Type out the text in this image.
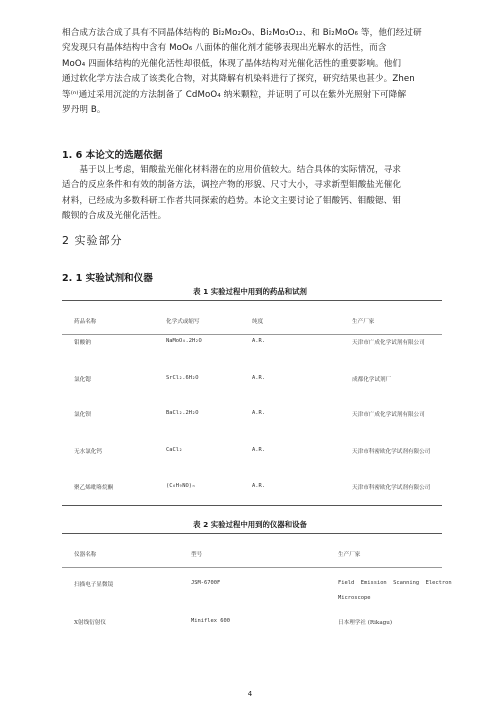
相合成方法合成了具有不同晶体结构的 Bi₂Mo₂O₉、Bi₂Mo₃O₁₂、和 Bi₂MoO₆ 等，他们经过研
究发现只有晶体结构中含有 MoO₆ 八面体的催化剂才能够表现出光解水的活性，而含
MoO₄ 四面体结构的光催化活性却很低，体现了晶体结构对光催化活性的重要影响。他们
通过软化学方法合成了该类化合物，对其降解有机染料进行了探究，研究结果也甚少。Zhen
等⁽ⁿ⁾通过采用沉淀的方法制备了 CdMoO₄ 纳米颗粒，并证明了可以在紫外光照射下可降解
罗丹明 B。
1. 6 本论文的选题依据
　　基于以上考虑，钼酸盐光催化材料潜在的应用价值较大。结合具体的实际情况，寻求
适合的反应条件和有效的制备方法，调控产物的形貌、尺寸大小，寻求新型钼酸盐光催化
材料，已经成为多数科研工作者共同探索的趋势。本论文主要讨论了钼酸钙、钼酸锶、钼
酸钡的合成及光催化活性。
2 实验部分
2. 1 实验试剂和仪器
表 1 实验过程中用到的药品和试剂
药品名称	化学式或缩写	纯度	生产厂家
钼酸钠	NaMoO₄.2H₂O	A.R.	天津市广成化学试剂有限公司
氯化锶	SrCl₂.6H₂O	A.R.	成都化学试剂厂
氯化钡	BaCl₂.2H₂O	A.R.	天津市广成化学试剂有限公司
无水氯化钙	CaCl₂	A.R.	天津市科密欧化学试剂有限公司
聚乙烯吡咯烷酮	(C₆H₉NO)ₙ	A.R.	天津市科密欧化学试剂有限公司
表 2 实验过程中用到的仪器和设备
仪器名称	型号	生产厂家
扫描电子显微镜	JSM-6700F	Field  Emission  Scanning  Electron
Microscope
X射线衍射仪	Miniflex 600	日本理学社 (Rikagu)
4
